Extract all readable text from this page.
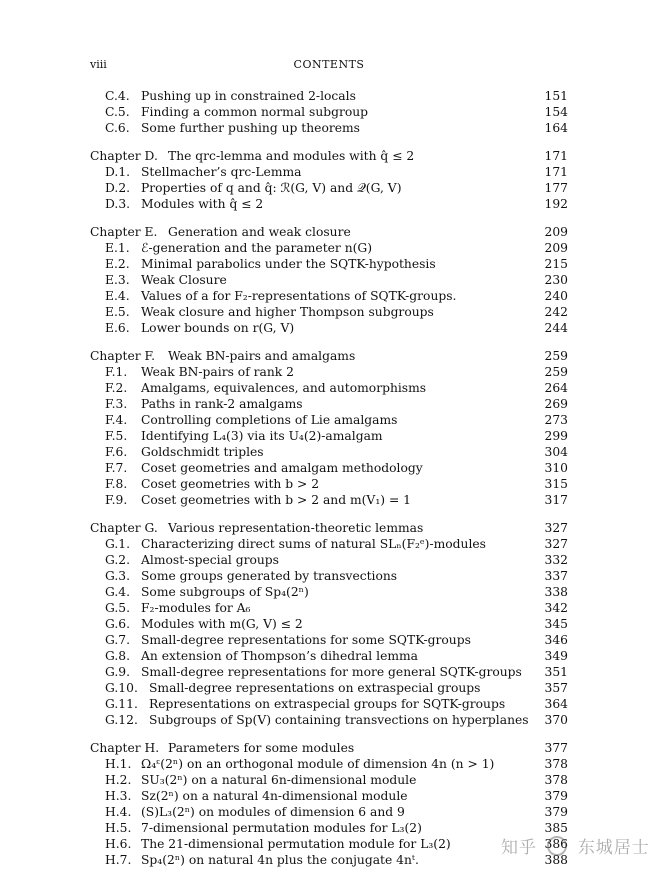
viii	CONTENTS
C.4. Pushing up in constrained 2-locals	151
C.5. Finding a common normal subgroup	154
C.6. Some further pushing up theorems	164
Chapter D. The qrc-lemma and modules with q̂ ≤ 2	171
D.1. Stellmacher’s qrc-Lemma	171
D.2. Properties of q and q̂: ℛ(G, V) and 𝒬(G, V)	177
D.3. Modules with q̂ ≤ 2	192
Chapter E. Generation and weak closure	209
E.1. ℰ-generation and the parameter n(G)	209
E.2. Minimal parabolics under the SQTK-hypothesis	215
E.3. Weak Closure	230
E.4. Values of a for F₂-representations of SQTK-groups.	240
E.5. Weak closure and higher Thompson subgroups	242
E.6. Lower bounds on r(G, V)	244
Chapter F. Weak BN-pairs and amalgams	259
F.1. Weak BN-pairs of rank 2	259
F.2. Amalgams, equivalences, and automorphisms	264
F.3. Paths in rank-2 amalgams	269
F.4. Controlling completions of Lie amalgams	273
F.5. Identifying L₄(3) via its U₄(2)-amalgam	299
F.6. Goldschmidt triples	304
F.7. Coset geometries and amalgam methodology	310
F.8. Coset geometries with b > 2	315
F.9. Coset geometries with b > 2 and m(V₁) = 1	317
Chapter G. Various representation-theoretic lemmas	327
G.1. Characterizing direct sums of natural SLₙ(F₂ᵉ)-modules	327
G.2. Almost-special groups	332
G.3. Some groups generated by transvections	337
G.4. Some subgroups of Sp₄(2ⁿ)	338
G.5. F₂-modules for A₆	342
G.6. Modules with m(G, V) ≤ 2	345
G.7. Small-degree representations for some SQTK-groups	346
G.8. An extension of Thompson’s dihedral lemma	349
G.9. Small-degree representations for more general SQTK-groups 351
G.10. Small-degree representations on extraspecial groups	357
G.11. Representations on extraspecial groups for SQTK-groups	364
G.12. Subgroups of Sp(V) containing transvections on hyperplanes 370
Chapter H. Parameters for some modules	377
H.1. Ω₄ᵋ(2ⁿ) on an orthogonal module of dimension 4n (n > 1)	378
H.2. SU₃(2ⁿ) on a natural 6n-dimensional module	378
H.3. Sz(2ⁿ) on a natural 4n-dimensional module	379
H.4. (S)L₃(2ⁿ) on modules of dimension 6 and 9	379
H.5. 7-dimensional permutation modules for L₃(2)	385
H.6. The 21-dimensional permutation module for L₃(2)	386
H.7. Sp₄(2ⁿ) on natural 4n plus the conjugate 4nᵗ.	388
知乎 东城居士
